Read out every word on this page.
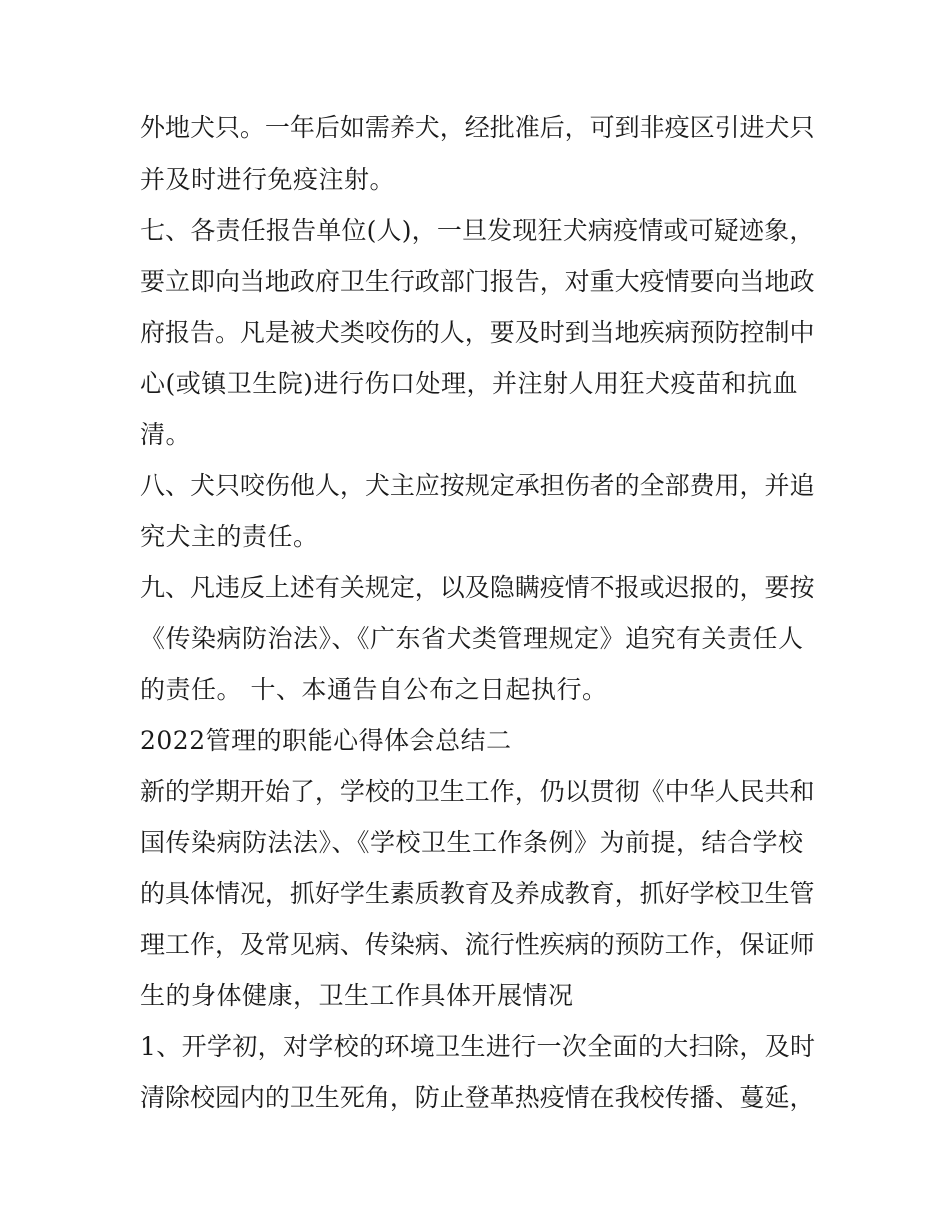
外地犬只。一年后如需养犬，经批准后，可到非疫区引进犬只
并及时进行免疫注射。
七、各责任报告单位(人)，一旦发现狂犬病疫情或可疑迹象，
要立即向当地政府卫生行政部门报告，对重大疫情要向当地政
府报告。凡是被犬类咬伤的人，要及时到当地疾病预防控制中
心(或镇卫生院)进行伤口处理，并注射人用狂犬疫苗和抗血
清。
八、犬只咬伤他人，犬主应按规定承担伤者的全部费用，并追
究犬主的责任。
九、凡违反上述有关规定，以及隐瞒疫情不报或迟报的，要按
《传染病防治法》、《广东省犬类管理规定》追究有关责任人
的责任。 十、本通告自公布之日起执行。
2022管理的职能心得体会总结二
新的学期开始了，学校的卫生工作，仍以贯彻《中华人民共和
国传染病防法法》、《学校卫生工作条例》为前提，结合学校
的具体情况，抓好学生素质教育及养成教育，抓好学校卫生管
理工作，及常见病、传染病、流行性疾病的预防工作，保证师
生的身体健康，卫生工作具体开展情况
1、开学初，对学校的环境卫生进行一次全面的大扫除，及时
清除校园内的卫生死角，防止登革热疫情在我校传播、蔓延，
